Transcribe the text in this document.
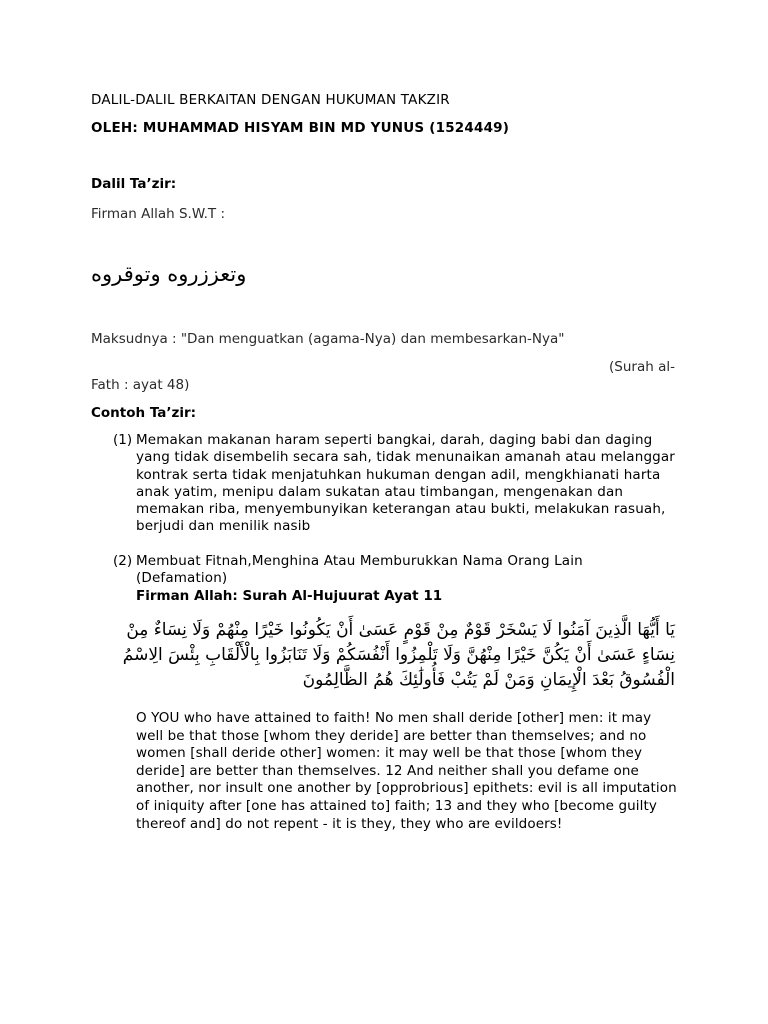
DALIL-DALIL BERKAITAN DENGAN HUKUMAN TAKZIR
OLEH: MUHAMMAD HISYAM BIN MD YUNUS (1524449)
Dalil Ta’zir:
Firman Allah S.W.T :
وتعززروه وتوقروه
Maksudnya : "Dan menguatkan (agama-Nya) dan membesarkan-Nya"
(Surah al-
Fath : ayat 48)
Contoh Ta’zir:
(1) Memakan makanan haram seperti bangkai, darah, daging babi dan daging yang tidak disembelih secara sah, tidak menunaikan amanah atau melanggar kontrak serta tidak menjatuhkan hukuman dengan adil, mengkhianati harta anak yatim, menipu dalam sukatan atau timbangan, mengenakan dan memakan riba, menyembunyikan keterangan atau bukti, melakukan rasuah, berjudi dan menilik nasib
(2) Membuat Fitnah,Menghina Atau Memburukkan Nama Orang Lain (Defamation)
Firman Allah: Surah Al-Hujuurat Ayat 11
يَا أَيُّهَا الَّذِينَ آمَنُوا لَا يَسْخَرْ قَوْمٌ مِنْ قَوْمٍ عَسَىٰ أَنْ يَكُونُوا خَيْرًا مِنْهُمْ وَلَا نِسَاءٌ مِنْ
نِسَاءٍ عَسَىٰ أَنْ يَكُنَّ خَيْرًا مِنْهُنَّ وَلَا تَلْمِزُوا أَنْفُسَكُمْ وَلَا تَنَابَزُوا بِالْأَلْقَابِ بِئْسَ الِاسْمُ
الْفُسُوقُ بَعْدَ الْإِيمَانِ وَمَنْ لَمْ يَتُبْ فَأُولَٰئِكَ هُمُ الظَّالِمُونَ
O YOU who have attained to faith! No men shall deride [other] men: it may well be that those [whom they deride] are better than themselves; and no women [shall deride other] women: it may well be that those [whom they deride] are better than themselves. 12 And neither shall you defame one another, nor insult one another by [opprobrious] epithets: evil is all imputation of iniquity after [one has attained to] faith; 13 and they who [become guilty thereof and] do not repent - it is they, they who are evildoers!
